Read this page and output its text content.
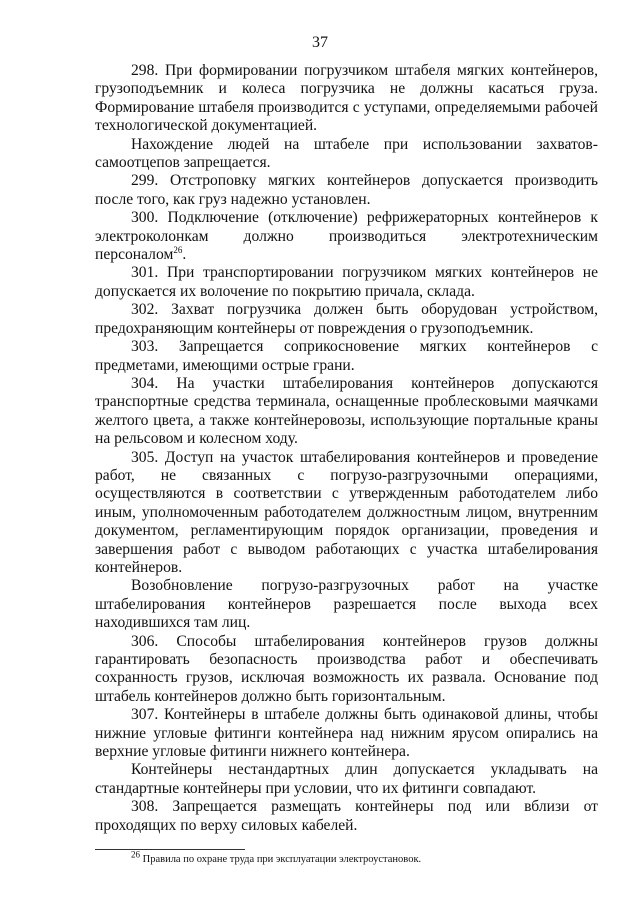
37

298. При формировании погрузчиком штабеля мягких контейнеров, грузоподъемник и колеса погрузчика не должны касаться груза. Формирование штабеля производится с уступами, определяемыми рабочей технологической документацией.

Нахождение людей на штабеле при использовании захватов-самоотцепов запрещается.

299. Отстроповку мягких контейнеров допускается производить после того, как груз надежно установлен.

300. Подключение (отключение) рефрижераторных контейнеров к электроколонкам должно производиться электротехническим персоналом$^{26}$.

301. При транспортировании погрузчиком мягких контейнеров не допускается их волочение по покрытию причала, склада.

302. Захват погрузчика должен быть оборудован устройством, предохраняющим контейнеры от повреждения о грузоподъемник.

303. Запрещается соприкосновение мягких контейнеров с предметами, имеющими острые грани.

304. На участки штабелирования контейнеров допускаются транспортные средства терминала, оснащенные проблесковыми маячками желтого цвета, а также контейнеровозы, использующие портальные краны на рельсовом и колесном ходу.

305. Доступ на участок штабелирования контейнеров и проведение работ, не связанных с погрузо-разгрузочными операциями, осуществляются в соответствии с утвержденным работодателем либо иным, уполномоченным работодателем должностным лицом, внутренним документом, регламентирующим порядок организации, проведения и завершения работ с выводом работающих с участка штабелирования контейнеров.

Возобновление погрузо-разгрузочных работ на участке штабелирования контейнеров разрешается после выхода всех находившихся там лиц.

306. Способы штабелирования контейнеров грузов должны гарантировать безопасность производства работ и обеспечивать сохранность грузов, исключая возможность их развала. Основание под штабель контейнеров должно быть горизонтальным.

307. Контейнеры в штабеле должны быть одинаковой длины, чтобы нижние угловые фитинги контейнера над нижним ярусом опирались на верхние угловые фитинги нижнего контейнера.

Контейнеры нестандартных длин допускается укладывать на стандартные контейнеры при условии, что их фитинги совпадают.

308. Запрещается размещать контейнеры под или вблизи от проходящих по верху силовых кабелей.

$^{26}$ Правила по охране труда при эксплуатации электроустановок.
